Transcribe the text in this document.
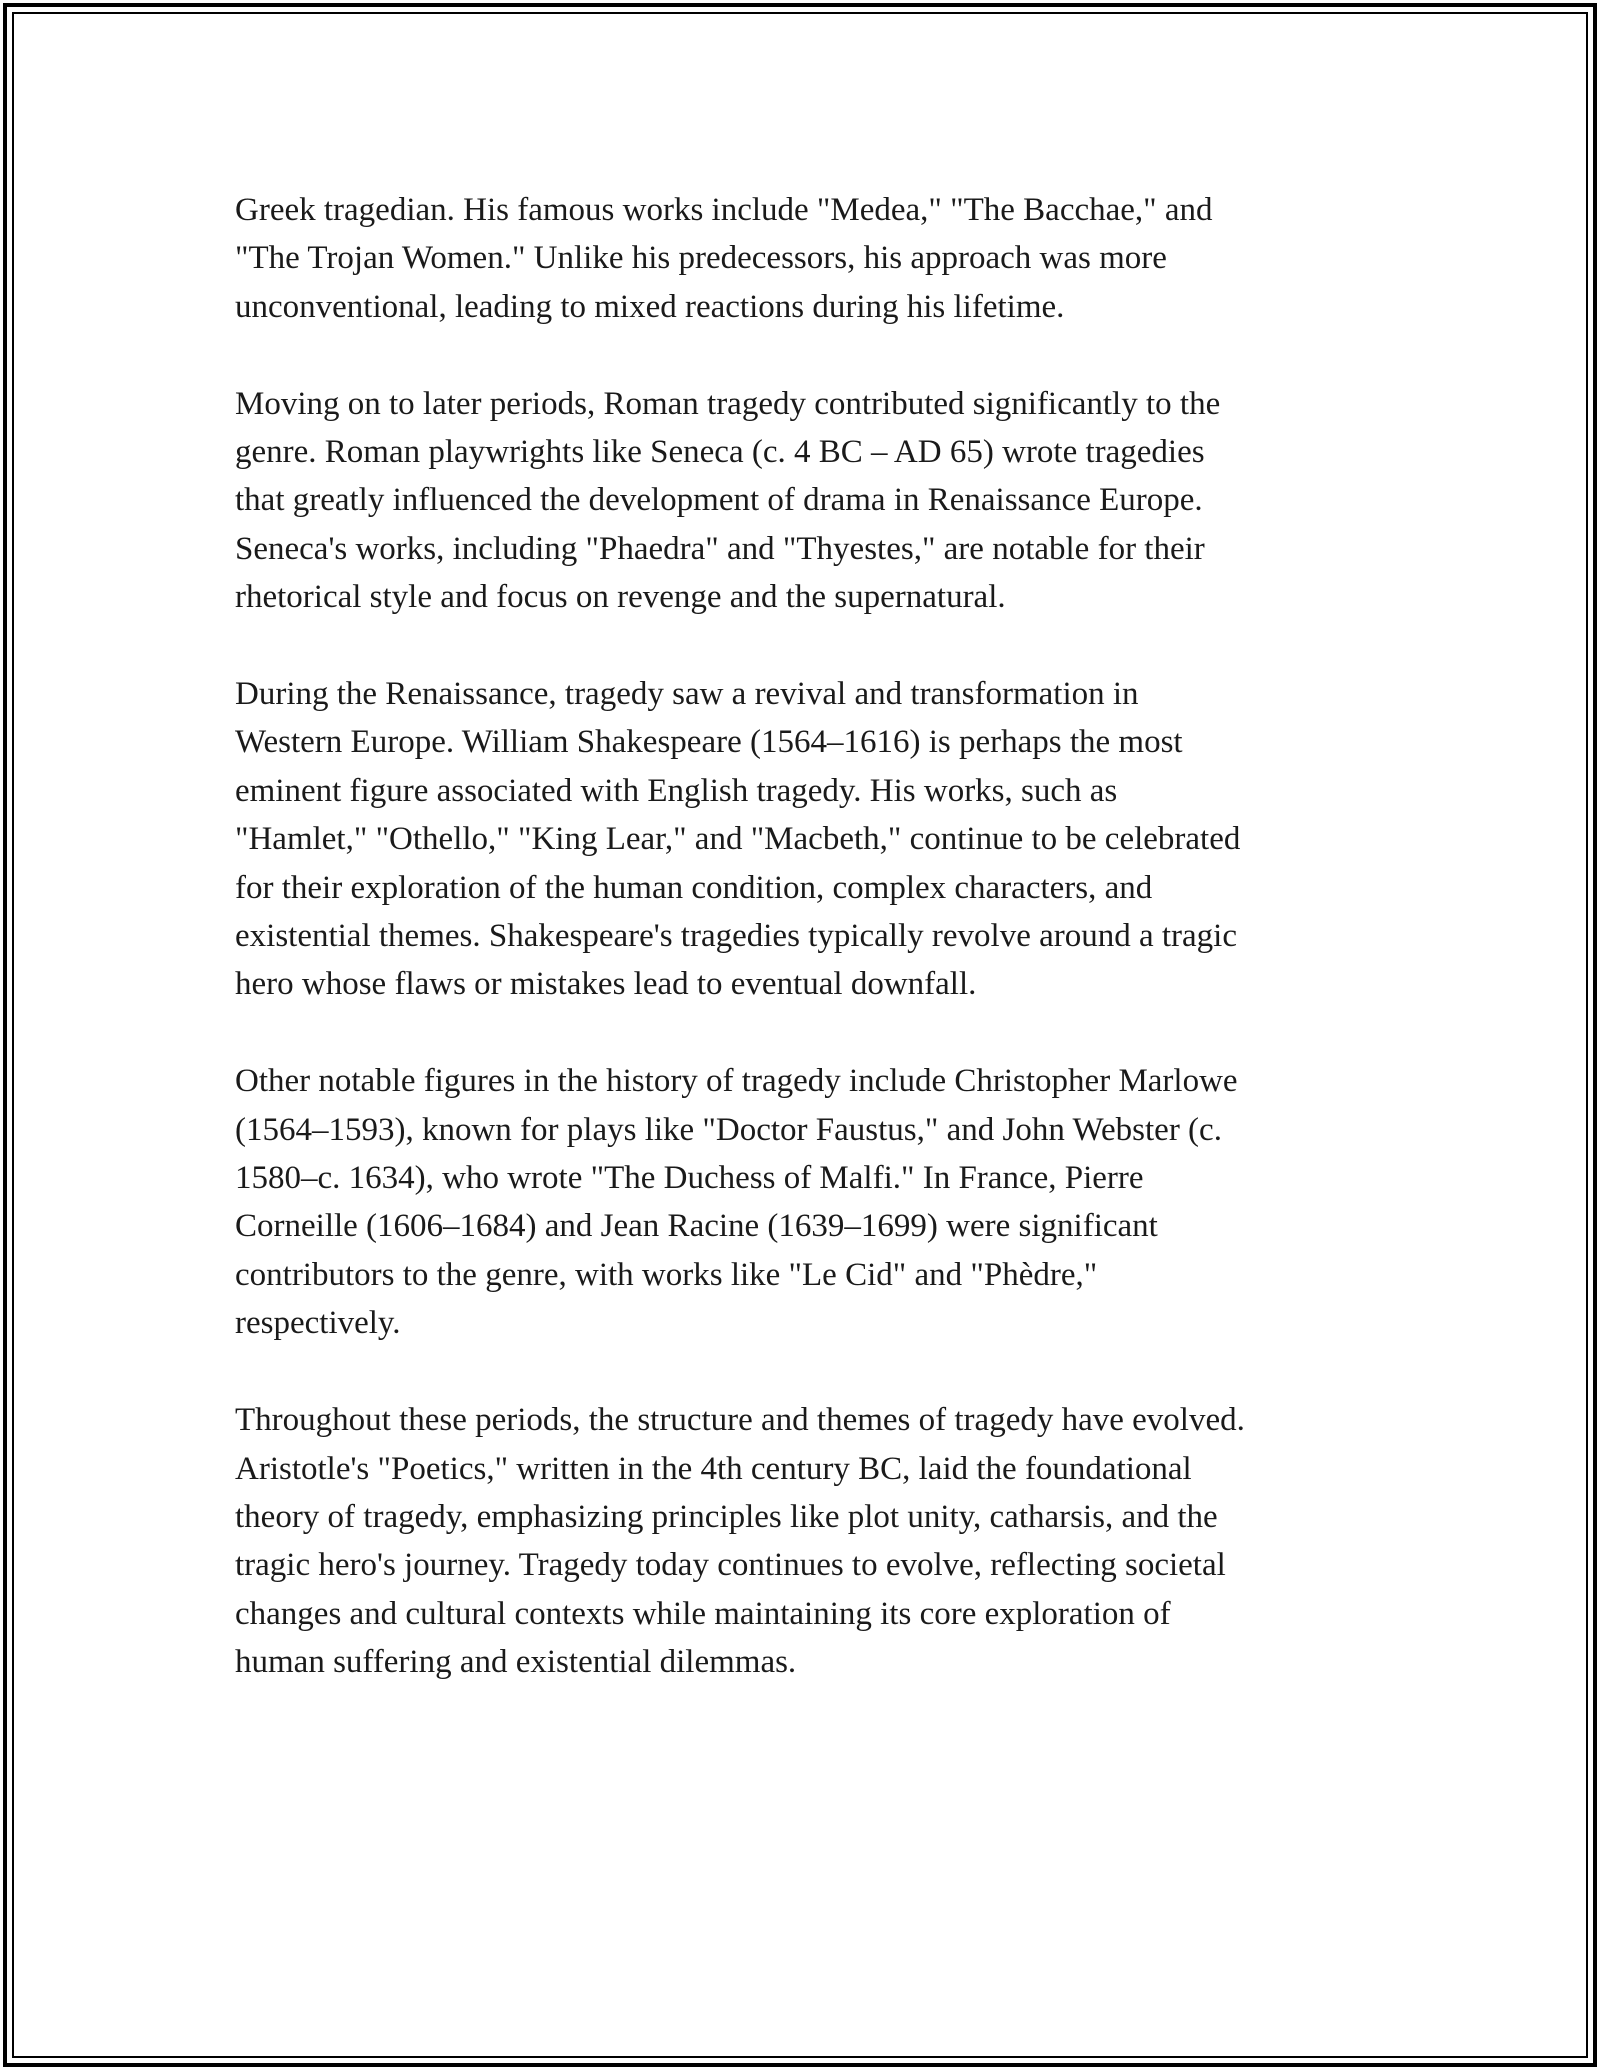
Greek tragedian. His famous works include "Medea," "The Bacchae," and
"The Trojan Women." Unlike his predecessors, his approach was more
unconventional, leading to mixed reactions during his lifetime.

Moving on to later periods, Roman tragedy contributed significantly to the
genre. Roman playwrights like Seneca (c. 4 BC – AD 65) wrote tragedies
that greatly influenced the development of drama in Renaissance Europe.
Seneca's works, including "Phaedra" and "Thyestes," are notable for their
rhetorical style and focus on revenge and the supernatural.

During the Renaissance, tragedy saw a revival and transformation in
Western Europe. William Shakespeare (1564–1616) is perhaps the most
eminent figure associated with English tragedy. His works, such as
"Hamlet," "Othello," "King Lear," and "Macbeth," continue to be celebrated
for their exploration of the human condition, complex characters, and
existential themes. Shakespeare's tragedies typically revolve around a tragic
hero whose flaws or mistakes lead to eventual downfall.

Other notable figures in the history of tragedy include Christopher Marlowe
(1564–1593), known for plays like "Doctor Faustus," and John Webster (c.
1580–c. 1634), who wrote "The Duchess of Malfi." In France, Pierre
Corneille (1606–1684) and Jean Racine (1639–1699) were significant
contributors to the genre, with works like "Le Cid" and "Phèdre,"
respectively.

Throughout these periods, the structure and themes of tragedy have evolved.
Aristotle's "Poetics," written in the 4th century BC, laid the foundational
theory of tragedy, emphasizing principles like plot unity, catharsis, and the
tragic hero's journey. Tragedy today continues to evolve, reflecting societal
changes and cultural contexts while maintaining its core exploration of
human suffering and existential dilemmas.
